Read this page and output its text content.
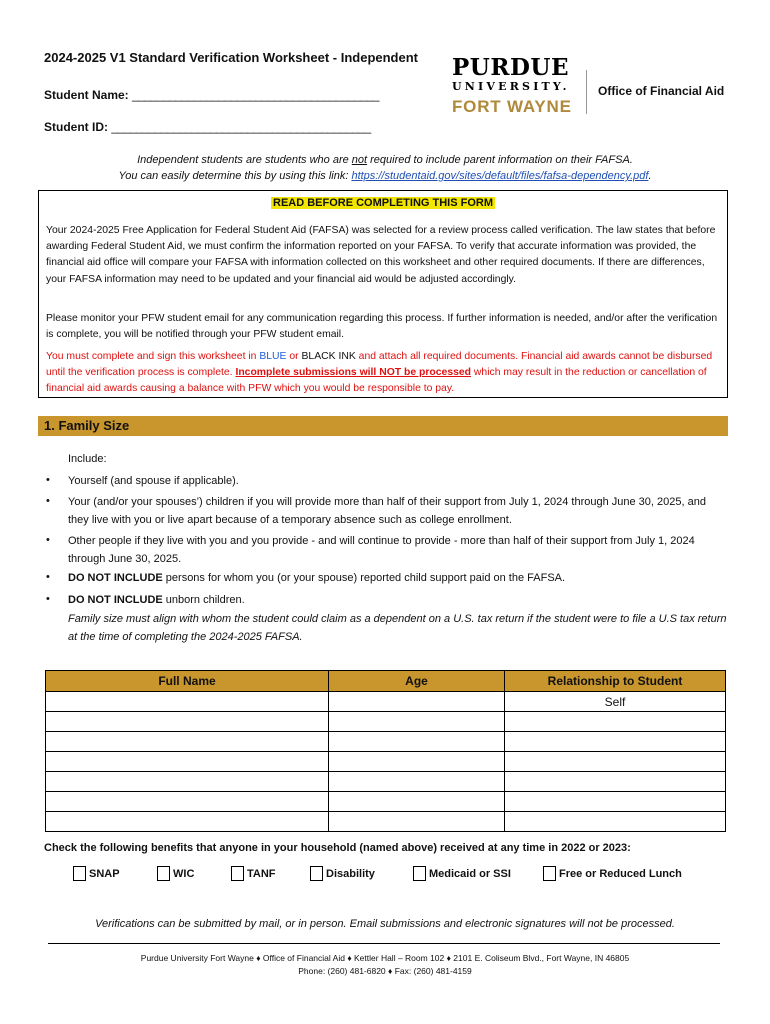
2024-2025 V1 Standard Verification Worksheet - Independent
Student Name: ________________________________________
Student ID: __________________________________________
PURDUE
UNIVERSITY.
FORT WAYNE
Office of Financial Aid
Independent students are students who are not required to include parent information on their FAFSA.
You can easily determine this by using this link: https://studentaid.gov/sites/default/files/fafsa-dependency.pdf.
READ BEFORE COMPLETING THIS FORM

Your 2024-2025 Free Application for Federal Student Aid (FAFSA) was selected for a review process called verification. The law states that before awarding Federal Student Aid, we must confirm the information reported on your FAFSA. To verify that accurate information was provided, the financial aid office will compare your FAFSA with information collected on this worksheet and other required documents. If there are differences, your FAFSA information may need to be updated and your financial aid would be adjusted accordingly.

Please monitor your PFW student email for any communication regarding this process. If further information is needed, and/or after the verification is complete, you will be notified through your PFW student email.

You must complete and sign this worksheet in BLUE or BLACK INK and attach all required documents. Financial aid awards cannot be disbursed until the verification process is complete. Incomplete submissions will NOT be processed which may result in the reduction or cancellation of financial aid awards causing a balance with PFW which you would be responsible to pay.

1. Family Size
Include:
• Yourself (and spouse if applicable).
• Your (and/or your spouses’) children if you will provide more than half of their support from July 1, 2024 through June 30, 2025, and they live with you or live apart because of a temporary absence such as college enrollment.
• Other people if they live with you and you provide - and will continue to provide - more than half of their support from July 1, 2024 through June 30, 2025.
• DO NOT INCLUDE persons for whom you (or your spouse) reported child support paid on the FAFSA.
• DO NOT INCLUDE unborn children.
Family size must align with whom the student could claim as a dependent on a U.S. tax return if the student were to file a U.S tax return at the time of completing the 2024-2025 FAFSA.
Full Name	Age	Relationship to Student
		Self

Check the following benefits that anyone in your household (named above) received at any time in 2022 or 2023:
SNAP	WIC	TANF	Disability	Medicaid or SSI	Free or Reduced Lunch
Verifications can be submitted by mail, or in person. Email submissions and electronic signatures will not be processed.
Purdue University Fort Wayne ♦ Office of Financial Aid ♦ Kettler Hall – Room 102 ♦ 2101 E. Coliseum Blvd., Fort Wayne, IN 46805
Phone: (260) 481-6820 ♦ Fax: (260) 481-4159
